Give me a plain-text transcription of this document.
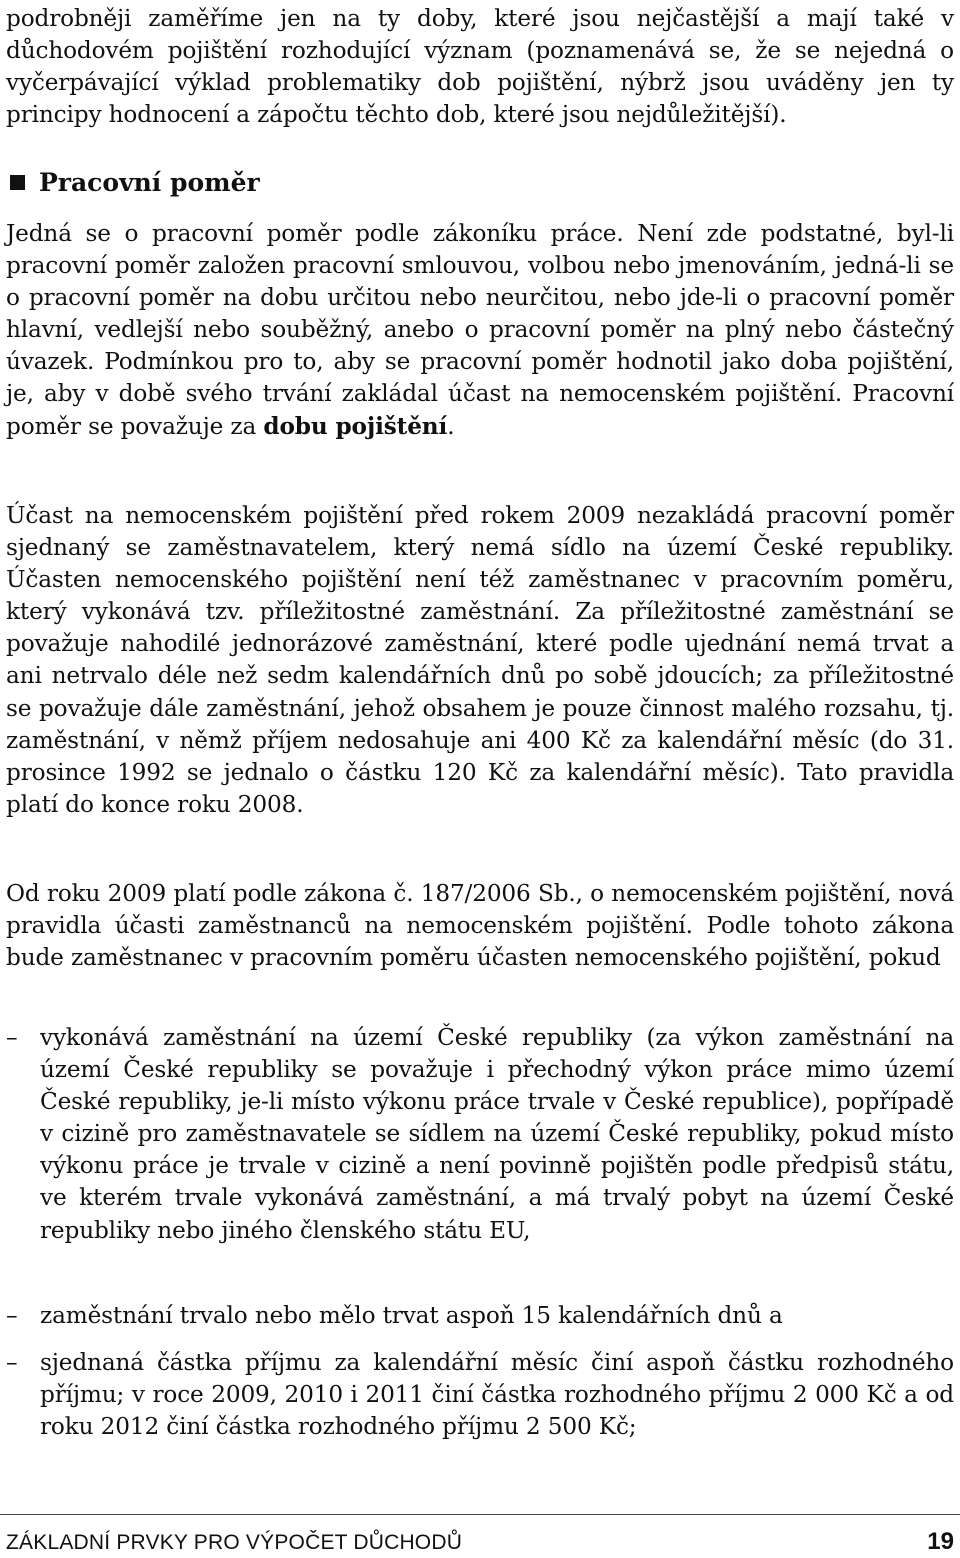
podrobněji zaměříme jen na ty doby, které jsou nejčastější a mají také v důchodovém pojištění rozhodující význam (poznamenává se, že se nejedná o vyčerpávající výklad problematiky dob pojištění, nýbrž jsou uváděny jen ty principy hodnocení a zápočtu těchto dob, které jsou nejdůležitější).

Pracovní poměr

Jedná se o pracovní poměr podle zákoníku práce. Není zde podstatné, byl-li pracovní poměr založen pracovní smlouvou, volbou nebo jmenováním, jedná-li se o pracovní poměr na dobu určitou nebo neurčitou, nebo jde-li o pracovní poměr hlavní, vedlejší nebo souběžný, anebo o pracovní poměr na plný nebo částečný úvazek. Podmínkou pro to, aby se pracovní poměr hodnotil jako doba pojištění, je, aby v době svého trvání zakládal účast na nemocenském pojištění. Pracovní poměr se považuje za dobu pojištění.

Účast na nemocenském pojištění před rokem 2009 nezakládá pracovní poměr sjednaný se zaměstnavatelem, který nemá sídlo na území České republiky. Účasten nemocenského pojištění není též zaměstnanec v pracovním poměru, který vykonává tzv. příležitostné zaměstnání. Za příležitostné zaměstnání se považuje nahodilé jednorázové zaměstnání, které podle ujednání nemá trvat a ani netrvalo déle než sedm kalendářních dnů po sobě jdoucích; za příležitostné se považuje dále zaměstnání, jehož obsahem je pouze činnost malého rozsahu, tj. zaměstnání, v němž příjem nedosahuje ani 400 Kč za kalendářní měsíc (do 31. prosince 1992 se jednalo o částku 120 Kč za kalendářní měsíc). Tato pravidla platí do konce roku 2008.

Od roku 2009 platí podle zákona č. 187/2006 Sb., o nemocenském pojištění, nová pravidla účasti zaměstnanců na nemocenském pojištění. Podle tohoto zákona bude zaměstnanec v pracovním poměru účasten nemocenského pojištění, pokud

– vykonává zaměstnání na území České republiky (za výkon zaměstnání na území České republiky se považuje i přechodný výkon práce mimo území České republiky, je-li místo výkonu práce trvale v České republice), popřípadě v cizině pro zaměstnavatele se sídlem na území České republiky, pokud místo výkonu práce je trvale v cizině a není povinně pojištěn podle předpisů státu, ve kterém trvale vykonává zaměstnání, a má trvalý pobyt na území České republiky nebo jiného členského státu EU,
– zaměstnání trvalo nebo mělo trvat aspoň 15 kalendářních dnů a
– sjednaná částka příjmu za kalendářní měsíc činí aspoň částku rozhodného příjmu; v roce 2009, 2010 i 2011 činí částka rozhodného příjmu 2 000 Kč a od roku 2012 činí částka rozhodného příjmu 2 500 Kč;
ZÁKLADNÍ PRVKY PRO VÝPOČET DŮCHODŮ	19
